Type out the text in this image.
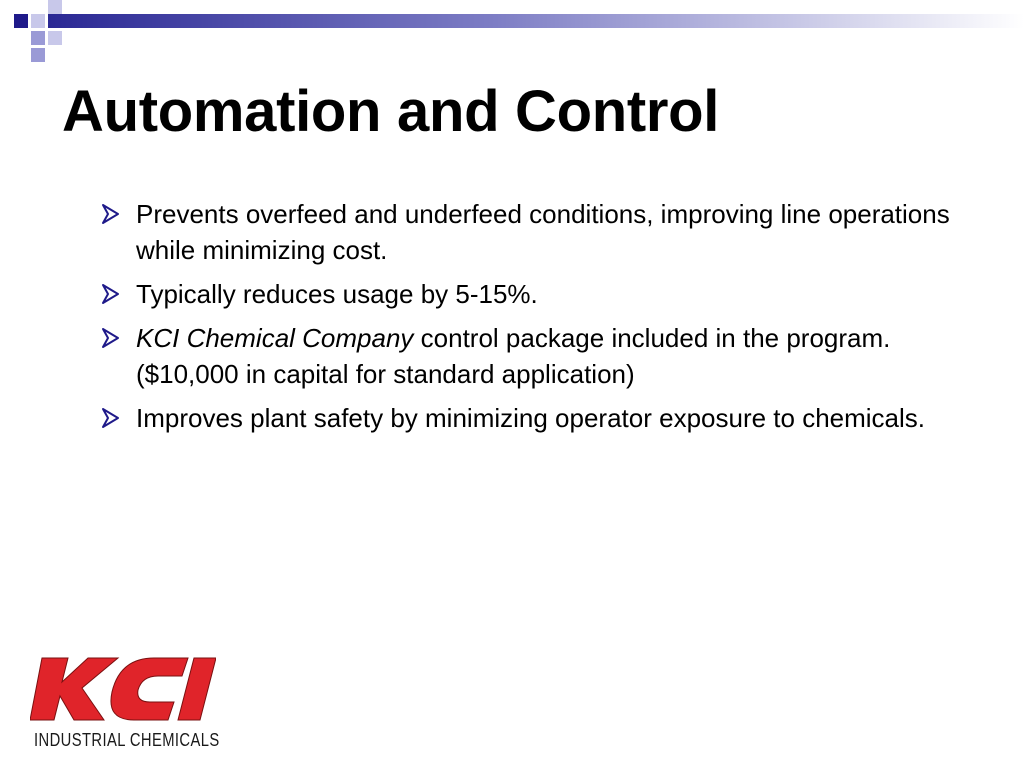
Automation and Control
Prevents overfeed and underfeed conditions, improving line operations while minimizing cost.
Typically reduces usage by 5-15%.
KCI Chemical Company control package included in the program. ($10,000 in capital for standard application)
Improves plant safety by minimizing operator exposure to chemicals.
INDUSTRIAL CHEMICALS
